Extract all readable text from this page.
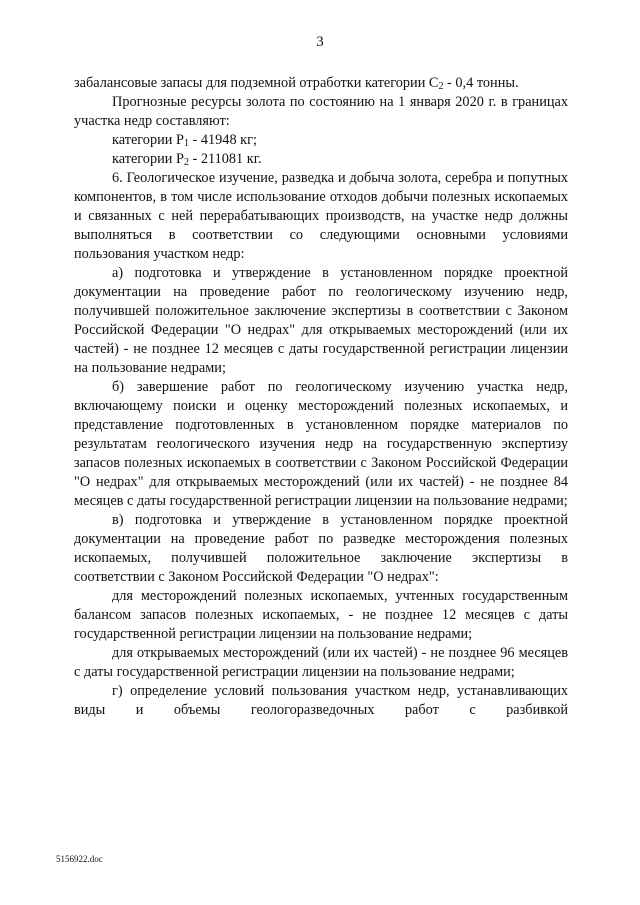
3

забалансовые запасы для подземной отработки категории $C_2 - 0,4$ тонны.

Прогнозные ресурсы золота по состоянию на 1 января 2020 г. в границах участка недр составляют:

категории $P_1 - 41948$ кг;

категории $P_2 - 211081$ кг.

6. Геологическое изучение, разведка и добыча золота, серебра и попутных компонентов, в том числе использование отходов добычи полезных ископаемых и связанных с ней перерабатывающих производств, на участке недр должны выполняться в соответствии со следующими основными условиями пользования участком недр:

а) подготовка и утверждение в установленном порядке проектной документации на проведение работ по геологическому изучению недр, получившей положительное заключение экспертизы в соответствии с Законом Российской Федерации "О недрах" для открываемых месторождений (или их частей) - не позднее 12 месяцев с даты государственной регистрации лицензии на пользование недрами;

б) завершение работ по геологическому изучению участка недр, включающему поиски и оценку месторождений полезных ископаемых, и представление подготовленных в установленном порядке материалов по результатам геологического изучения недр на государственную экспертизу запасов полезных ископаемых в соответствии с Законом Российской Федерации "О недрах" для открываемых месторождений (или их частей) - не позднее 84 месяцев с даты государственной регистрации лицензии на пользование недрами;

в) подготовка и утверждение в установленном порядке проектной документации на проведение работ по разведке месторождения полезных ископаемых, получившей положительное заключение экспертизы в соответствии с Законом Российской Федерации "О недрах":

для месторождений полезных ископаемых, учтенных государственным балансом запасов полезных ископаемых, - не позднее 12 месяцев с даты государственной регистрации лицензии на пользование недрами;

для открываемых месторождений (или их частей) - не позднее 96 месяцев с даты государственной регистрации лицензии на пользование недрами;

г) определение условий пользования участком недр, устанавливающих виды и объемы геологоразведочных работ с разбивкой

5156922.doc
